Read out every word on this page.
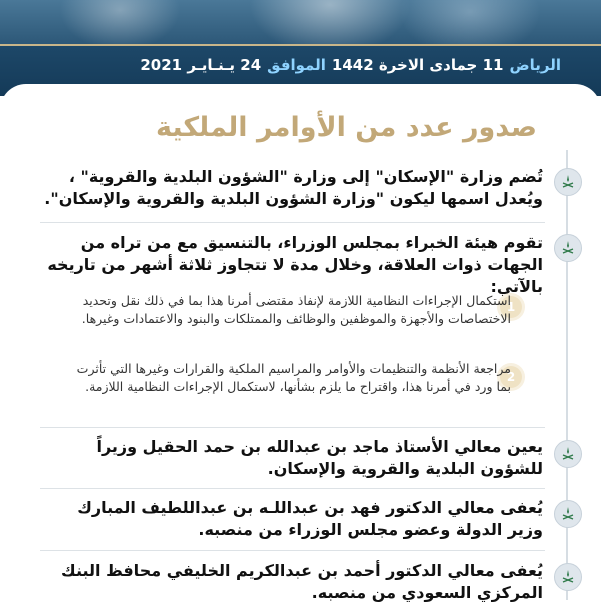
الرياض
11 جمادى الاخرة 1442
الموافق
24 يـنـايـر 2021
صدور عدد من الأوامر الملكية
تُضم وزارة "الإسكان" إلى وزارة "الشؤون البلدية والقروية" ، ويُعدل اسمها ليكون "وزارة الشؤون البلدية والقروية والإسكان".
تقوم هيئة الخبراء بمجلس الوزراء، بالتنسيق مع من تراه من الجهات ذوات العلاقة، وخلال مدة لا تتجاوز ثلاثة أشهر من تاريخه بالآتي:
1
استكمال الإجراءات النظامية اللازمة لإنفاذ مقتضى أمرنا هذا بما في ذلك نقل وتحديد الاختصاصات والأجهزة والموظفين والوظائف والممتلكات والبنود والاعتمادات وغيرها.
2
مراجعة الأنظمة والتنظيمات والأوامر والمراسيم الملكية والقرارات وغيرها التي تأثرت بما ورد في أمرنا هذا، واقتراح ما يلزم بشأنها، لاستكمال الإجراءات النظامية اللازمة.
يعين معالي الأستاذ ماجد بن عبدالله بن حمد الحقيل وزيراً للشؤون البلدية والقروية والإسكان.
يُعفى معالي الدكتور فهد بن عبداللـه بن عبداللطيف المبارك وزير الدولة وعضو مجلس الوزراء من منصبه.
يُعفى معالي الدكتور أحمد بن عبدالكريم الخليفي محافظ البنك المركزي السعودي من منصبه.
